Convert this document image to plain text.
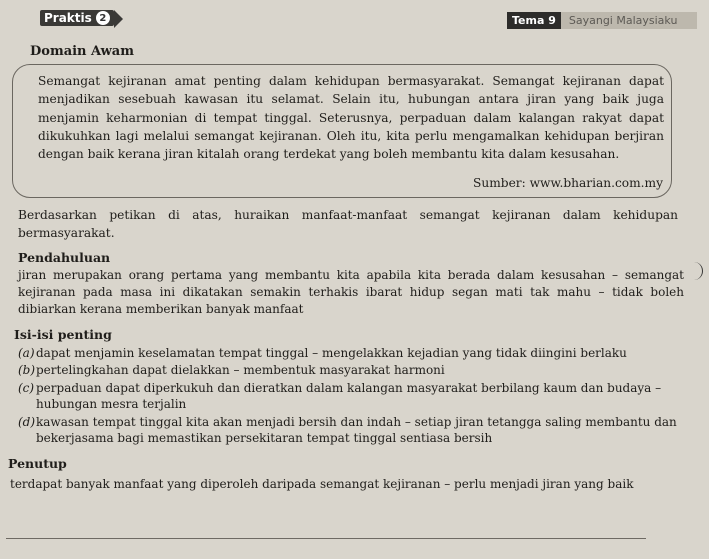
Praktis 2	Tema 9	Sayangi Malaysiaku
Domain Awam
Semangat kejiranan amat penting dalam kehidupan bermasyarakat. Semangat kejiranan dapat menjadikan sesebuah kawasan itu selamat. Selain itu, hubungan antara jiran yang baik juga menjamin keharmonian di tempat tinggal. Seterusnya, perpaduan dalam kalangan rakyat dapat dikukuhkan lagi melalui semangat kejiranan. Oleh itu, kita perlu mengamalkan kehidupan berjiran dengan baik kerana jiran kitalah orang terdekat yang boleh membantu kita dalam kesusahan.
Sumber: www.bharian.com.my
Berdasarkan petikan di atas, huraikan manfaat-manfaat semangat kejiranan dalam kehidupan bermasyarakat.
Pendahuluan
jiran merupakan orang pertama yang membantu kita apabila kita berada dalam kesusahan – semangat kejiranan pada masa ini dikatakan semakin terhakis ibarat hidup segan mati tak mahu – tidak boleh dibiarkan kerana memberikan banyak manfaat
Isi-isi penting
(a) dapat menjamin keselamatan tempat tinggal – mengelakkan kejadian yang tidak diingini berlaku
(b) pertelingkahan dapat dielakkan – membentuk masyarakat harmoni
(c) perpaduan dapat diperkukuh dan dieratkan dalam kalangan masyarakat berbilang kaum dan budaya – hubungan mesra terjalin
(d) kawasan tempat tinggal kita akan menjadi bersih dan indah – setiap jiran tetangga saling membantu dan bekerjasama bagi memastikan persekitaran tempat tinggal sentiasa bersih
Penutup
terdapat banyak manfaat yang diperoleh daripada semangat kejiranan – perlu menjadi jiran yang baik
